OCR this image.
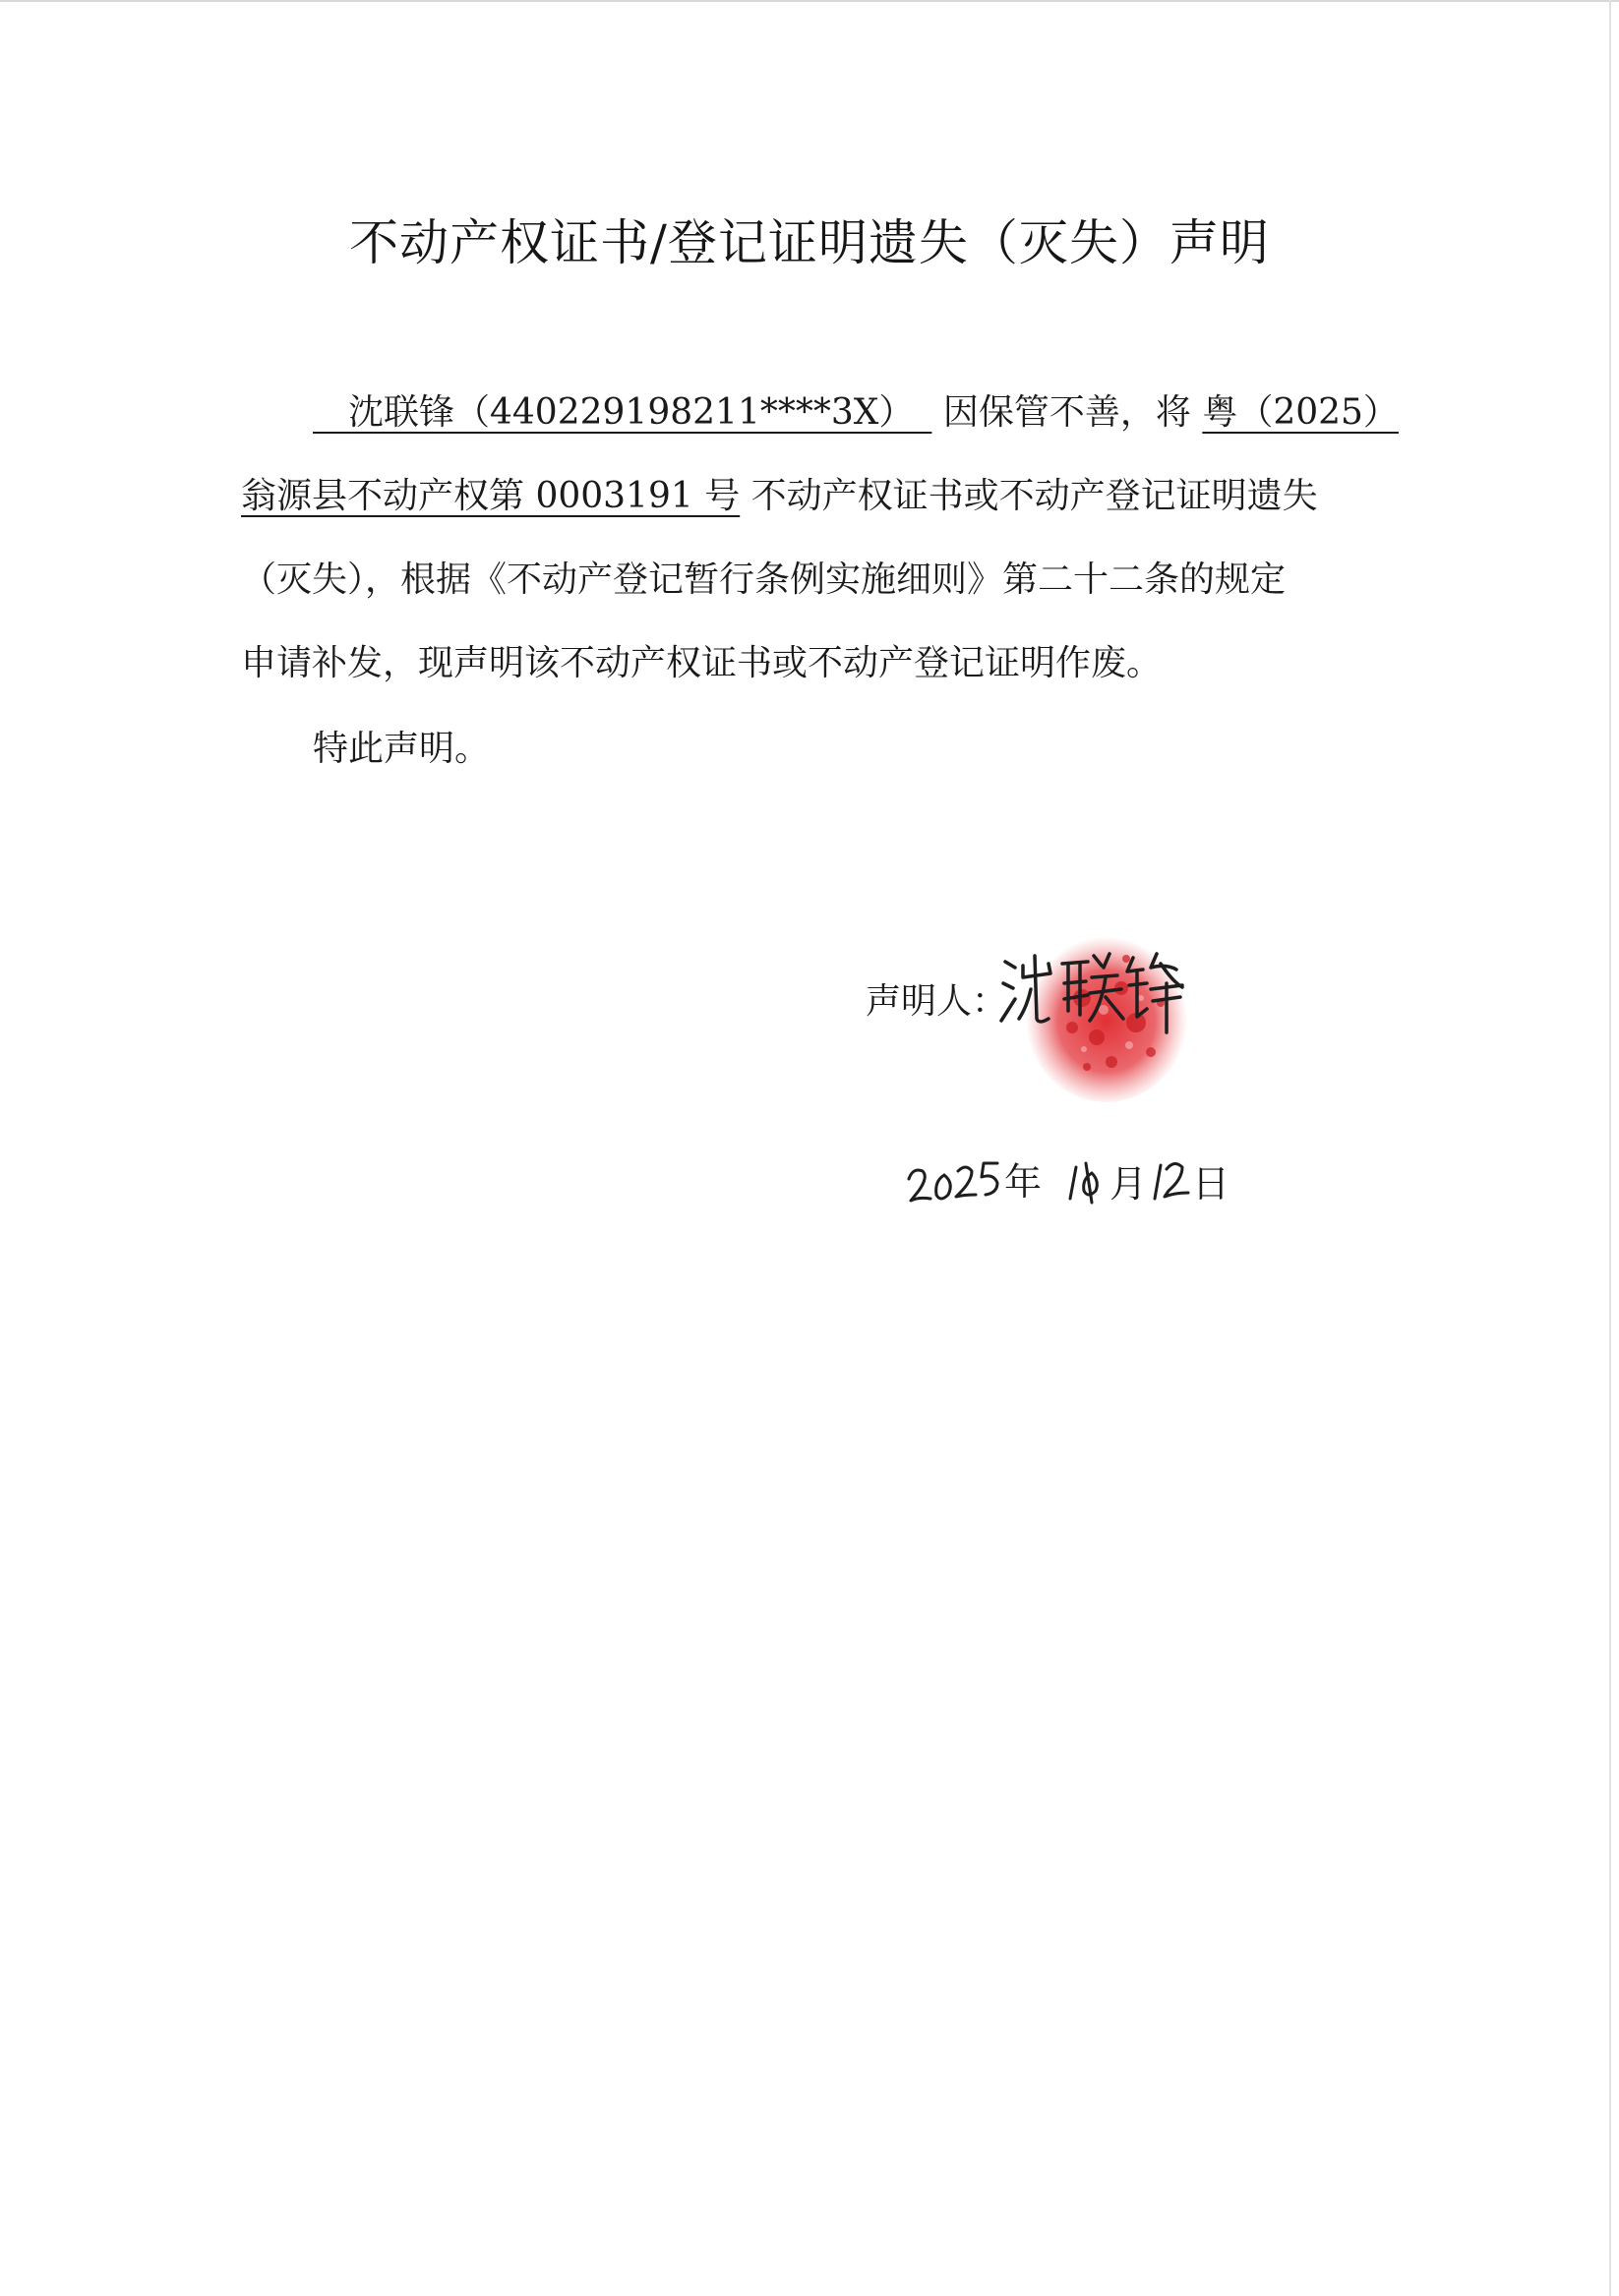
不动产权证书/登记证明遗失（灭失）声明
　沈联锋（440229198211****3X）　 因保管不善，将 粤（2025）
翁源县不动产权第 0003191 号 不动产权证书或不动产登记证明遗失
（灭失），根据《不动产登记暂行条例实施细则》第二十二条的规定
申请补发，现声明该不动产权证书或不动产登记证明作废。
特此声明。
声明人：
年 月 日
